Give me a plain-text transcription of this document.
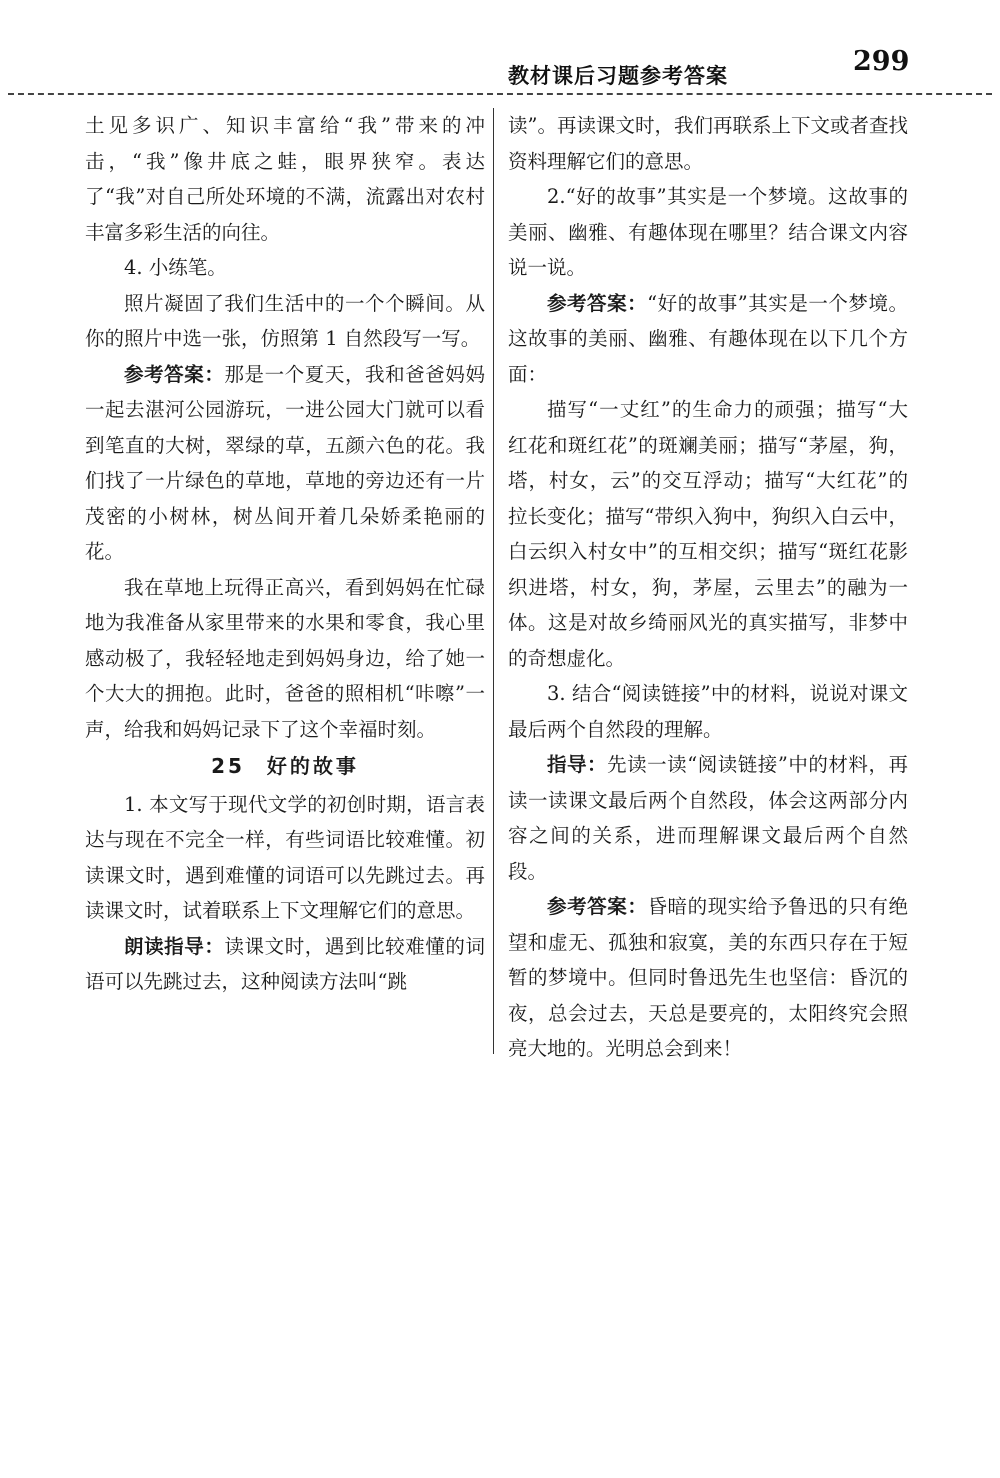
教材课后习题参考答案	299

土见多识广、知识丰富给“我”带来的冲击，“我”像井底之蛙，眼界狭窄。表达了“我”对自己所处环境的不满，流露出对农村丰富多彩生活的向往。

4. 小练笔。

照片凝固了我们生活中的一个个瞬间。从你的照片中选一张，仿照第 1 自然段写一写。

参考答案：那是一个夏天，我和爸爸妈妈一起去湛河公园游玩，一进公园大门就可以看到笔直的大树，翠绿的草，五颜六色的花。我们找了一片绿色的草地，草地的旁边还有一片茂密的小树林，树丛间开着几朵娇柔艳丽的花。

我在草地上玩得正高兴，看到妈妈在忙碌地为我准备从家里带来的水果和零食，我心里感动极了，我轻轻地走到妈妈身边，给了她一个大大的拥抱。此时，爸爸的照相机“咔嚓”一声，给我和妈妈记录下了这个幸福时刻。

25 好的故事

1. 本文写于现代文学的初创时期，语言表达与现在不完全一样，有些词语比较难懂。初读课文时，遇到难懂的词语可以先跳过去。再读课文时，试着联系上下文理解它们的意思。

朗读指导：读课文时，遇到比较难懂的词语可以先跳过去，这种阅读方法叫“跳

读”。再读课文时，我们再联系上下文或者查找资料理解它们的意思。

2.“好的故事”其实是一个梦境。这故事的美丽、幽雅、有趣体现在哪里？结合课文内容说一说。

参考答案：“好的故事”其实是一个梦境。这故事的美丽、幽雅、有趣体现在以下几个方面：

描写“一丈红”的生命力的顽强；描写“大红花和斑红花”的斑斓美丽；描写“茅屋，狗，塔，村女，云”的交互浮动；描写“大红花”的拉长变化；描写“带织入狗中，狗织入白云中，白云织入村女中”的互相交织；描写“斑红花影织进塔，村女，狗，茅屋，云里去”的融为一体。这是对故乡绮丽风光的真实描写，非梦中的奇想虚化。

3. 结合“阅读链接”中的材料，说说对课文最后两个自然段的理解。

指导：先读一读“阅读链接”中的材料，再读一读课文最后两个自然段，体会这两部分内容之间的关系，进而理解课文最后两个自然段。

参考答案：昏暗的现实给予鲁迅的只有绝望和虚无、孤独和寂寞，美的东西只存在于短暂的梦境中。但同时鲁迅先生也坚信：昏沉的夜，总会过去，天总是要亮的，太阳终究会照亮大地的。光明总会到来！
